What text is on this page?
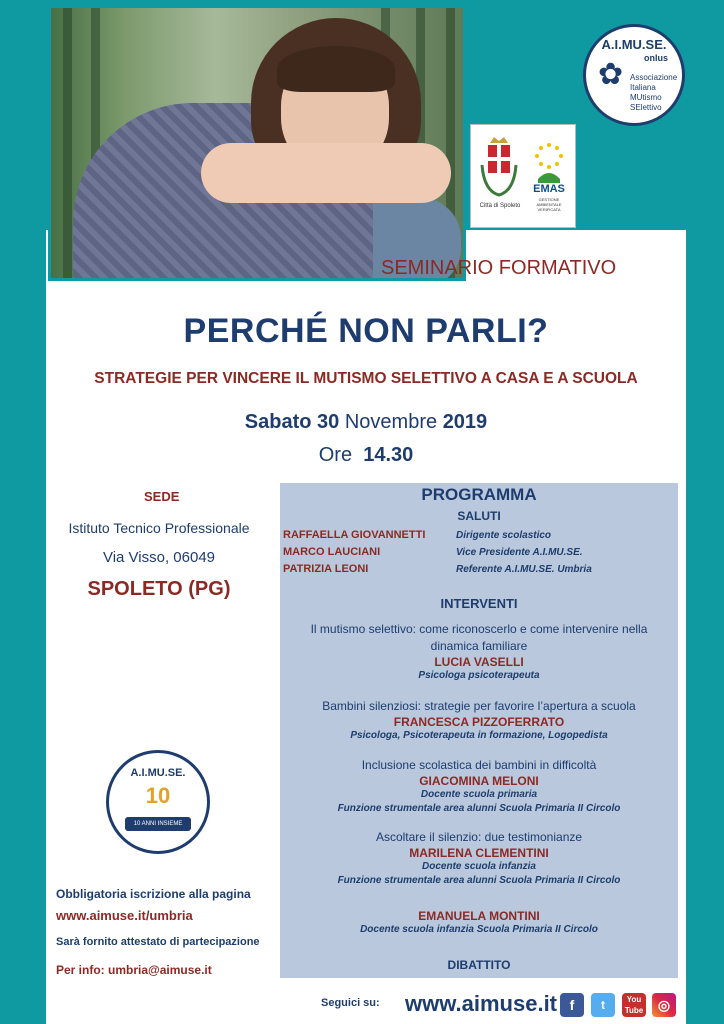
A.I.MU.SE.
onlus
✿ Associazione
Italiana
MUtismo
SElettivo
Città di Spoleto
EMAS
GESTIONE AMBIENTALE VERIFICATA
SEMINARIO FORMATIVO
PERCHÉ NON PARLI?
STRATEGIE PER VINCERE IL MUTISMO SELETTIVO A CASA E A SCUOLA
Sabato 30 Novembre 2019
Ore 14.30
SEDE
Istituto Tecnico Professionale
Via Visso, 06049
SPOLETO (PG)
A.I.MU.SE.
10
10 ANNI INSIEME
Obbligatoria iscrizione alla pagina
www.aimuse.it/umbria
Sarà fornito attestato di partecipazione
Per info: umbria@aimuse.it
PROGRAMMA
SALUTI
RAFFAELLA GIOVANNETTI	Dirigente scolastico
MARCO LAUCIANI	Vice Presidente A.I.MU.SE.
PATRIZIA LEONI	Referente A.I.MU.SE. Umbria
INTERVENTI
Il mutismo selettivo: come riconoscerlo e come intervenire nella dinamica familiare
LUCIA VASELLI
Psicologa psicoterapeuta
Bambini silenziosi: strategie per favorire l’apertura a scuola
FRANCESCA PIZZOFERRATO
Psicologa, Psicoterapeuta in formazione, Logopedista
Inclusione scolastica dei bambini in difficoltà
GIACOMINA MELONI
Docente scuola primaria
Funzione strumentale area alunni Scuola Primaria II Circolo
Ascoltare il silenzio: due testimonianze
MARILENA CLEMENTINI
Docente scuola infanzia
Funzione strumentale area alunni Scuola Primaria II Circolo
EMANUELA MONTINI
Docente scuola infanzia Scuola Primaria II Circolo
DIBATTITO
Seguici su: www.aimuse.it f	t	You Tube	◎
